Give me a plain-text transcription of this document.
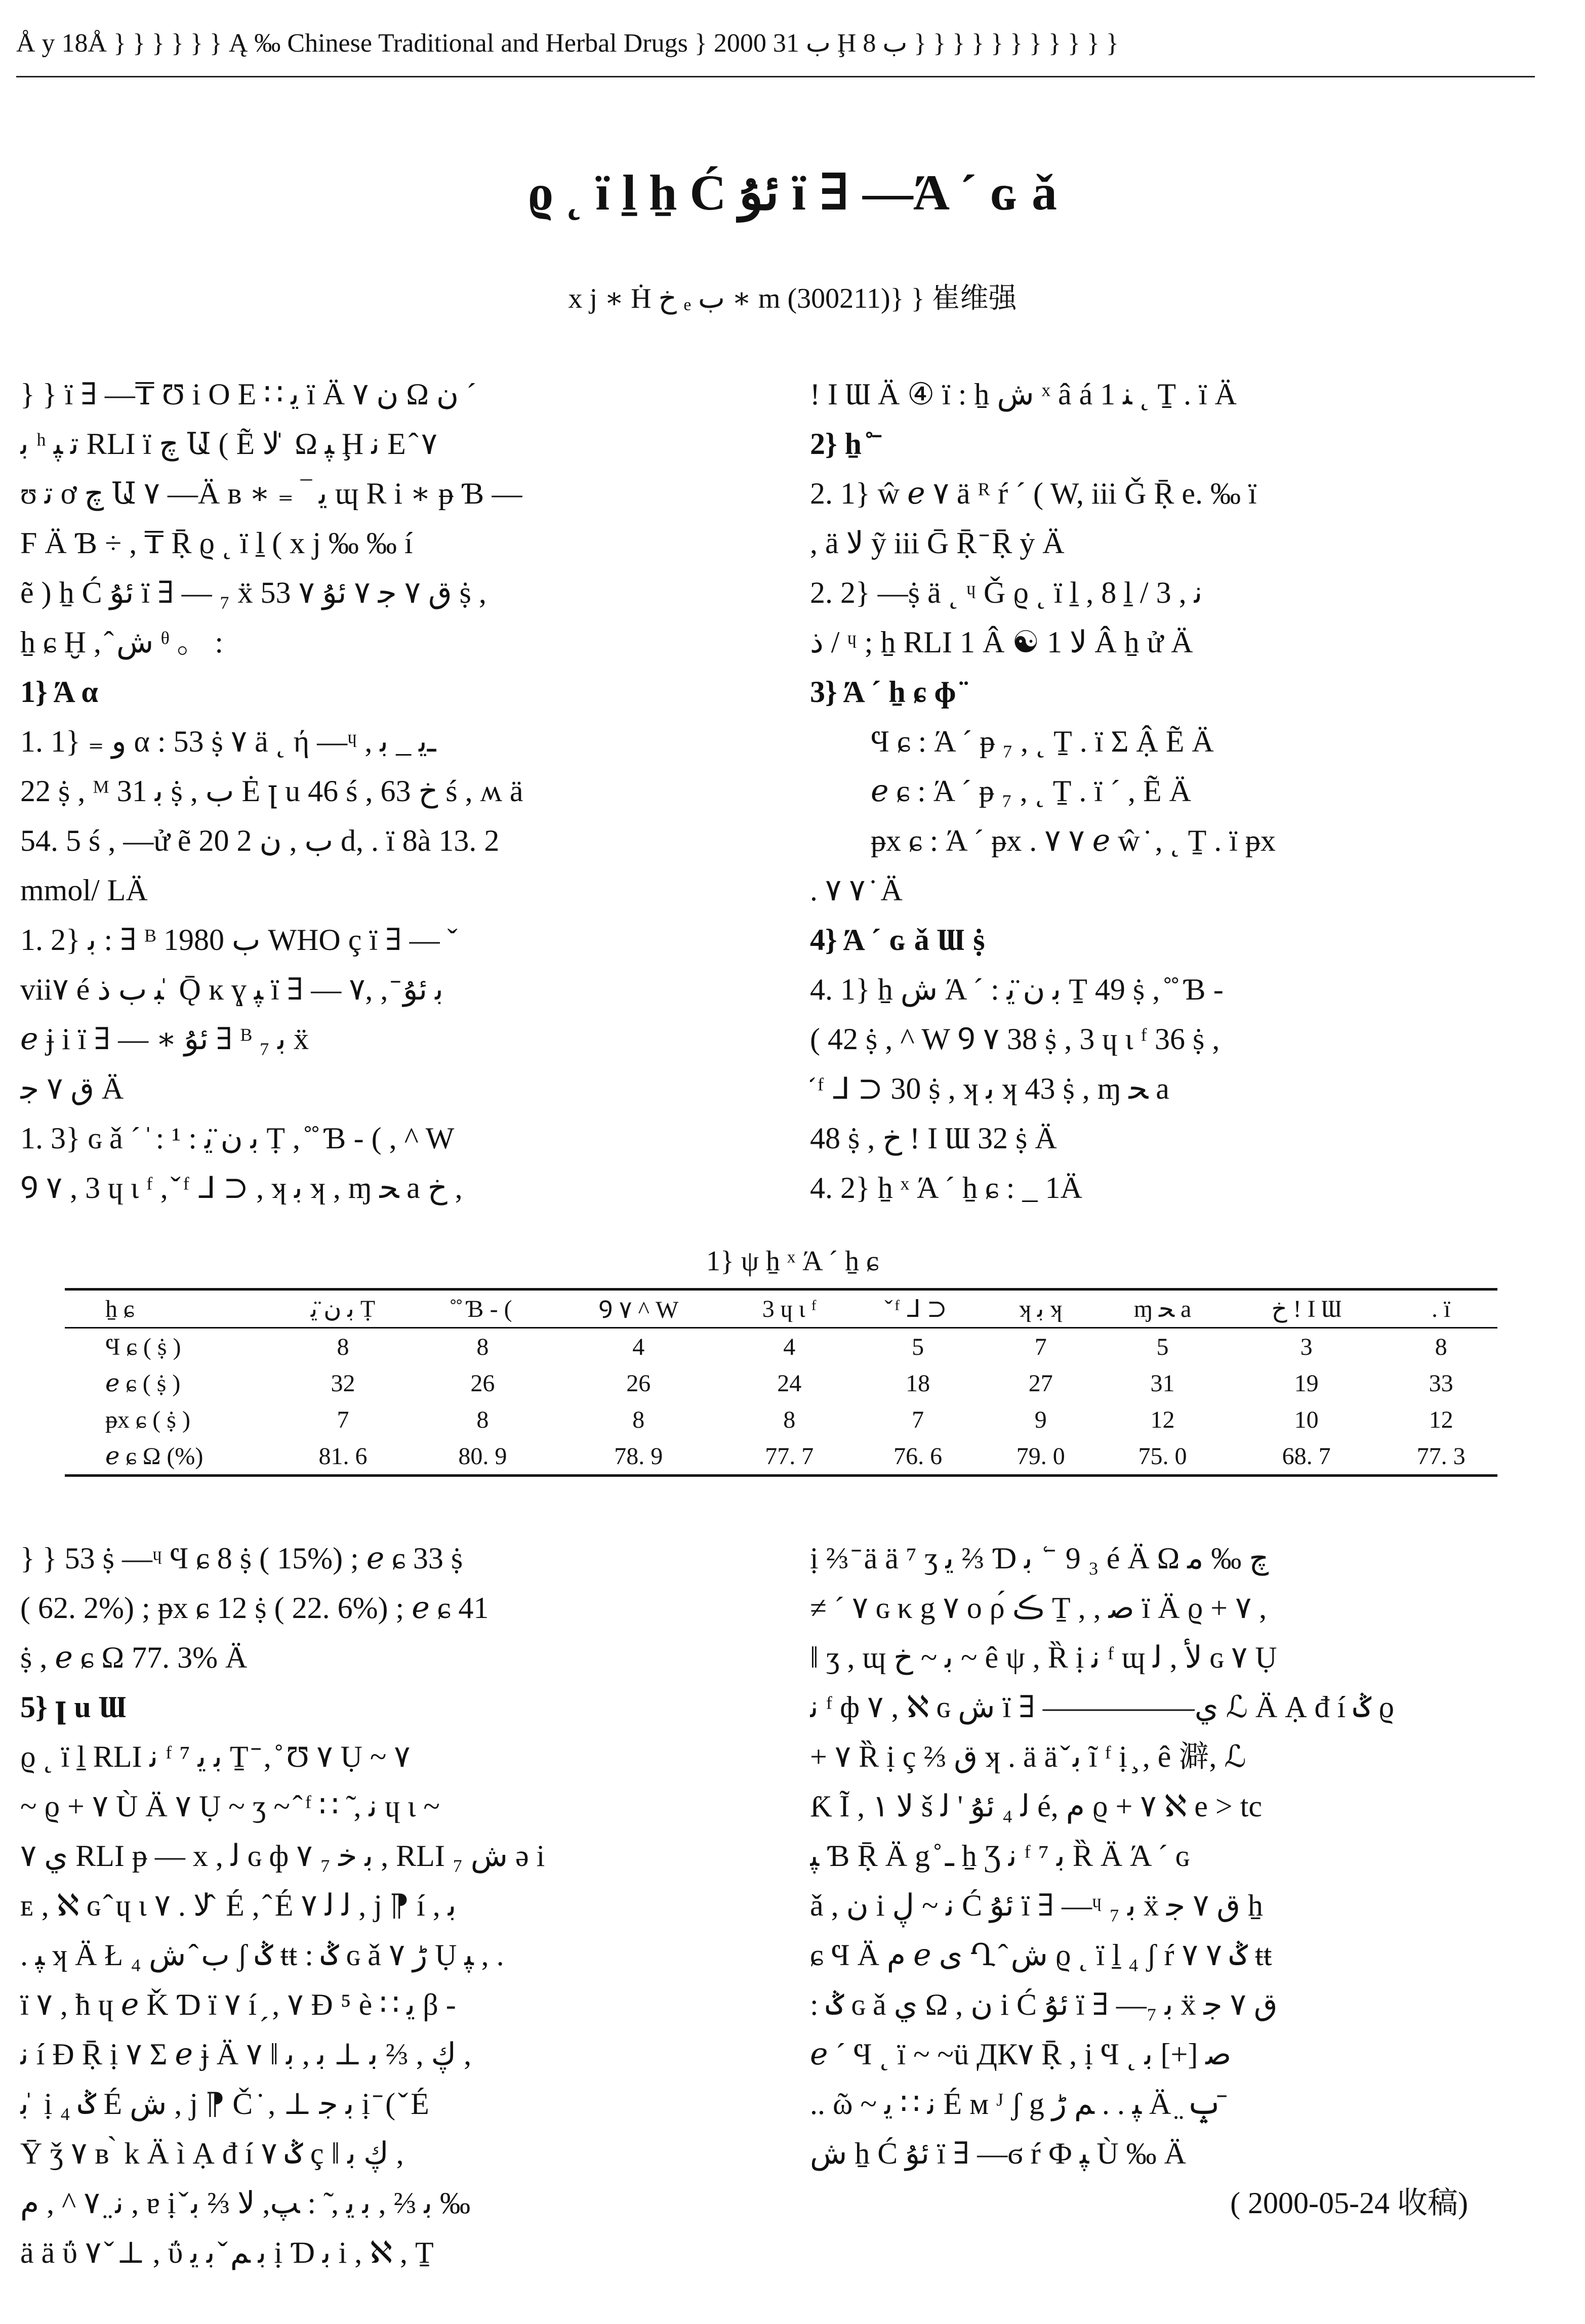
Å y 18Å } } } } } } Ą ‰ Chinese Traditional and Herbal Drugs } 2000 ب 31 Ḩ ب 8 } } } } } } } } } } }
ϱ ˛ ï ḻ ẖ Ć ئۇ ï ∃ —Ά ˊ ɢ ǎ
x j ∗ Ḣ خ ₑ ب ∗ m (300211)} } 崔维强
} } ï ∃ —₸ Ʊ i O E ∷ ﯾ ï Ä ن ۷ Ω ن ´
ﺑ ʰ ﺗ ﭙ RLI ï چ Ա ( Ẽ ﻻ ̍ Ω ﭙ Ḩ ﻧ E ̂ ۷
ʊ ﺗ ơ چ Ա ۷ —Ä ʙ ∗ ₌ ‾ ﻳ ɰ R i ∗ ᵽ Ɓ —
Ϝ Ä Ɓ ÷ , ₸ Ṝ ϱ ˛ ï ḻ ( x j ‰ ‰ í
ẽ ) ẖ Ć ئۇ ï ∃ — ₇ ẍ ق ۷ ﺟ ۷ ئۇ ۷ 53 ṩ ,
ẖ ɕ Ḫ , ̂ ﺵ ᶿ 。 :
1} Ά α
1. 1} ₌ و α : 53 ṩ ۷ ä ˛ ή —ᶣ , ـﻳ _ ﺑ
22 ṩ , ᴹ ﺑ 31 ṩ , ب Ė ꞁ u 46 ś , خ 63 ś , ʍ ä
54. 5 ś , —ử ẽ 20 ب , ن 2 d, . ï 8à 13. 2
mmol/ LÄ
1. 2} ﺑ : ∃ ᴮ 1980 ب WHO ç ï ∃ — ˇ
vii۷ é ﺒ ب ﺫ ̍ Ǭ ĸ ɣ ﭙ ï ∃ — ﺑ ئۇ ̄ , ,۷
ℯ ɉ i ï ∃ — ∗ ئۇ ∃ ᴮ ﺑ ₇ ẍ
ق ۷ ﺟ Ä
1. 3} ɢ ǎ ´ ̍ : ¹ : ﺑ ن ̈ﯾ Ṭ , ̊ ̊ Ɓ - ( , ^ W
Ꝯ ۷ , 3 ɥ ɩ ᶠ , ̌ ᶠ ᒧ ⊃ , ʞ ﺑ ʞ , ɱ ﺤ a خ ,
! I Ɯ Ä ④ ï : ẖ ﺵ ˣ â á 1 ﻨ ˛ Ṯ . ï Ä
2} ẖ ̊ ̄
2. 1} ŵ ℯ ۷ ä ᴿ ŕ ´ ( W, iii Ǧ Ṝ e. ‰ ï
, ä ﻻ ỹ iii Ḡ Ṝ ̄ Ṝ ẏ Ä
2. 2} —ṩ ä ˛ ᶣ Ǧ ϱ ˛ ï ḻ , 8 ḻ / ﻧ , 3
ﺫ / ᶣ ; ẖ RLI 1 Â ☯ ﻻ 1 Â ẖ ử Ä
3} Ά ˊ ẖ ɕ ɸ ̈
Ϥ ɕ : Ά ˊ ᵽ ₇ , ˛ Ṯ . ï Σ Ậ Ẽ Ä
ℯ ɕ : Ά ˊ ᵽ ₇ , ˛ Ṯ . ï ´ , Ẽ Ä
ᵽx ɕ : Ά ˊ ᵽx . ۷ ۷ ℯ ŵ ̇ , ˛ Ṯ . ï ᵽx
. ۷ ۷ ̇ Ä
4} Ά ˊ ɢ ǎ Ɯ ṩ
4. 1} ẖ ﺵ Ά ˊ : ﺑ ن ̈ﯾ Ṯ 49 ṩ , ̊ ̊ Ɓ -
( 42 ṩ , ^ W Ꝯ ۷ 38 ṩ , 3 ɥ ɩ ᶠ 36 ṩ ,
̌ ᶠ ᒧ ⊃ 30 ṩ , ʞ ﺑ ʞ 43 ṩ , ɱ ﺤ a
48 ṩ , خ ! I Ɯ 32 ṩ Ä
4. 2} ẖ ˣ Ά ˊ ẖ ɕ : _ 1Ä
1} ψ ẖ ˣ Ά ˊ ẖ ɕ
ẖ ɕ	ﺑ ن ̈ﯾ Ṭ	̊ ̊ Ɓ - (	Ꝯ ۷ ^ W	3 ɥ ɩ ᶠ	̌ ᶠ ᒧ ⊃	ʞ ﺑ ʞ	ɱ ﺤ a	خ ! I Ɯ	. ï
Ϥ ɕ ( ṩ )	8	8	4	4	5	7	5	3	8
ℯ ɕ ( ṩ )	32	26	26	24	18	27	31	19	33
ᵽx ɕ ( ṩ )	7	8	8	8	7	9	12	10	12
ℯ ɕ Ω (%)	81. 6	80. 9	78. 9	77. 7	76. 6	79. 0	75. 0	68. 7	77. 3
} } 53 ṩ —ᶣ Ϥ ɕ 8 ṩ ( 15%) ; ℯ ɕ 33 ṩ
( 62. 2%) ; ᵽx ɕ 12 ṩ ( 22. 6%) ; ℯ ɕ 41
ṩ , ℯ ɕ Ω 77. 3% Ä
5} ꞁ u Ɯ
ϱ ˛ ï ḻ RLI ﻧ ᶠ ⁷ ﺑ ﻳ Ṯ ̄ , ̊ Ʊ ۷ Ụ ~ ۷
~ ϱ + ۷ Ù Ä ۷ Ụ ~ ʒ ~ ̂ ᶠ ∷ ̃ , ﻧ ɥ ɩ ~
ﻱ ۷ RLI ᵽ — x , ﻟ ɢ ф ۷ ﺑ ﺧ ₇ , RLI ﺵ ₇ ə i
ᴇ , ℵ ɢ ̂ ɥ ɩ ۷ . ﻻ ̂ É , ̂ É ۷ ﻟ ﻟ , j ⁋ í , ﺑ
. ﭙ ʞ Ä Ł ب ̂ ﺵ ₄ ʃ ݣ ŧŧ : ݣ ɢ ǎ ڑ ۷ Ụ ﭙ , .
ï ۷ , ħ ɥ ℯ Ǩ Ɗ ï ۷ í ̗ , ۷ Ɖ ⁵ è ∷ ﯾ β -
ﻧ í Ɖ Ṝ ị ۷ Σ ℯ ɉ Ä ۷ ‖ ڮ , ⅔ ﺑ ⊥ ﺑ , ﺑ ,
ﺑ ̍ ị ₄ ݣ É ﺵ , j ⁋ Č ̇ , ⊥ ﺑ ﺟ ị ̄ ( ̌ É
Ȳ ǯ ۷ ʙ ̀ k Ä ì Ạ đ í ݣ ۷ ç ‖ ڮ ﺑ ,
ﻧ ̤ ۷ ^ , م , ɐ ị ̌ ﺑ ⅔ , ﺑ ﯾ , ̃ : ﭗ, ﻻ ⅔ ﺑ ‰
ä ä ΰ ۷ ̌ ⊥ , ΰ ﺑ ﻢ ̌ ﺑ ﻳ ị Ɗ ﺑ i , ℵ , Ṯ
ị ⅔ ̄ ä ä ⁷ ʒ ﻳ ⅔ Ɗ ﺑ ʿ ̄ 9 ₃ é Ä Ω چ ‰ ﻣ
≠ ´ ۷ ɢ κ g ۷ ο ρ́ ڪ Ṯ , , ﺻ ï Ä ϱ + ۷ ,
‖ ʒ , ɰ ﺑ ~ خ ~ ê ψ , Ȑ ị ﻧ ᶠ ɰ ﻷ , ﻟ ɢ ۷ Ụ
ﻧ ᶠ ф ۷ , ℵ ɢ ﺵ ï ∃ —————ي ℒ Ä Ạ đ í ݣ ϱ
+ ۷ Ȑ ị ç ⅔ ق ʞ . ä ä ̌ ﺑ ĩ ᶠ ị ̧ , ê 澼, ℒ
Ƙ Ĩ , ﻻ ۱ š ﻟ ₄ ئۇ ' ﻟ é, ﻡ ϱ + ۷ ℵ e > tc
ﭙ Ɓ Ṝ Ä g ̊ ـ ẖ Ʒ ﻧ ᶠ ⁷ ﺑ Ȑ Ä Ά ˊ ɢ
ǎ , ن i ﻧ ~ ڸ Ć ئۇ ï ∃ —ᶣ ﺑ ₇ ẍ ق ۷ ﺟ ẖ
ɕ Ϥ Ä ﻡ ℯ ى Ղ ̂ ﺵ ϱ ˛ ï ḻ ₄ ʃ ŕ ۷ ۷ ݣ ŧŧ
: ݣ ɢ ǎ ي Ω , ن i Ć ئۇ ï ∃ —ﺑ ₇ ẍ ق ۷ ﺟ
ℯ ´ Ϥ ˛ ï ~ ~ü ДК۷ Ṝ , ị Ϥ ˛ ﺻ [+] ﺑ
.. ῶ ~ ﻧ ∷ ﯾ É ᴍ ᴶ ʃ g ﭙ . . ﻢ ڑ Ä ̤ ݒ ̄
ﺵ ẖ Ć ئۇ ï ∃ —ϭ ŕ Ф ﭙ Ù ‰ Ä
( 2000-05-24 收稿)
